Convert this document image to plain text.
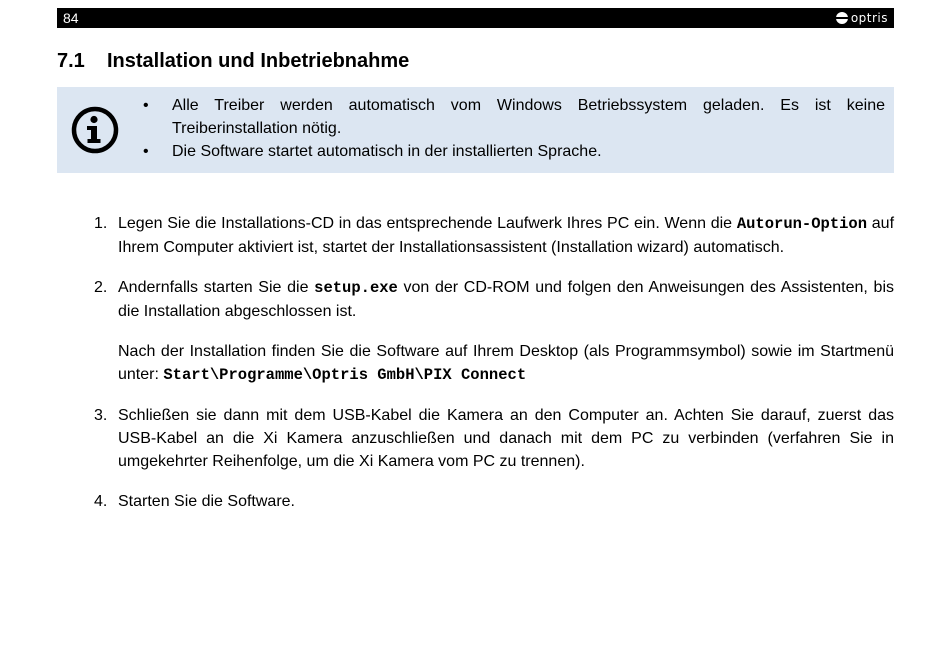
84	optris
7.1 Installation und Inbetriebnahme
• Alle Treiber werden automatisch vom Windows Betriebssystem geladen. Es ist keine Treiberinstallation nötig.
• Die Software startet automatisch in der installierten Sprache.
1. Legen Sie die Installations-CD in das entsprechende Laufwerk Ihres PC ein. Wenn die Autorun-Option auf Ihrem Computer aktiviert ist, startet der Installationsassistent (Installation wizard) automatisch.

2. Andernfalls starten Sie die setup.exe von der CD-ROM und folgen den Anweisungen des Assistenten, bis die Installation abgeschlossen ist.

Nach der Installation finden Sie die Software auf Ihrem Desktop (als Programmsymbol) sowie im Startmenü unter: Start\Programme\Optris GmbH\PIX Connect

3. Schließen sie dann mit dem USB-Kabel die Kamera an den Computer an. Achten Sie darauf, zuerst das USB-Kabel an die Xi Kamera anzuschließen und danach mit dem PC zu verbinden (verfahren Sie in umgekehrter Reihenfolge, um die Xi Kamera vom PC zu trennen).

4. Starten Sie die Software.
